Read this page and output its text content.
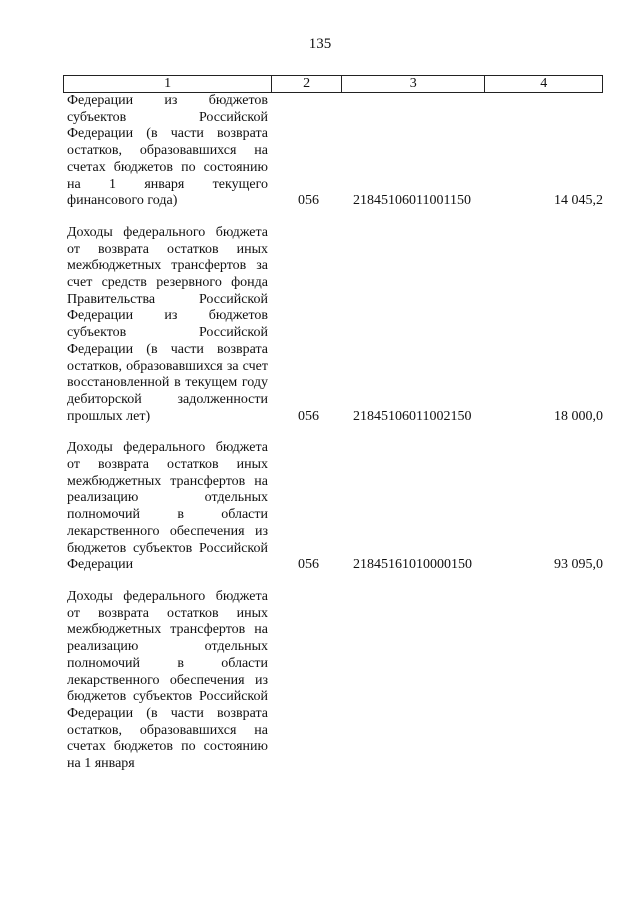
135
1	2	3	4
Федерации из бюджетов субъектов Российской Федерации (в части возврата остатков, образовавшихся на счетах бюджетов по состоянию на 1 января текущего финансового года)	056 21845106011001150	14 045,2
Доходы федерального бюджета от возврата остатков иных межбюджетных трансфертов за счет средств резервного фонда Правительства Российской Федерации из бюджетов субъектов Российской Федерации (в части возврата остатков, образовавшихся за счет восстановленной в текущем году дебиторской задолженности прошлых лет)	056 21845106011002150	18 000,0
Доходы федерального бюджета от возврата остатков иных межбюджетных трансфертов на реализацию отдельных полномочий в области лекарственного обеспечения из бюджетов субъектов Российской Федерации	056 21845161010000150	93 095,0
Доходы федерального бюджета от возврата остатков иных межбюджетных трансфертов на реализацию отдельных полномочий в области лекарственного обеспечения из бюджетов субъектов Российской Федерации (в части возврата остатков, образовавшихся на счетах бюджетов по состоянию на 1 января
